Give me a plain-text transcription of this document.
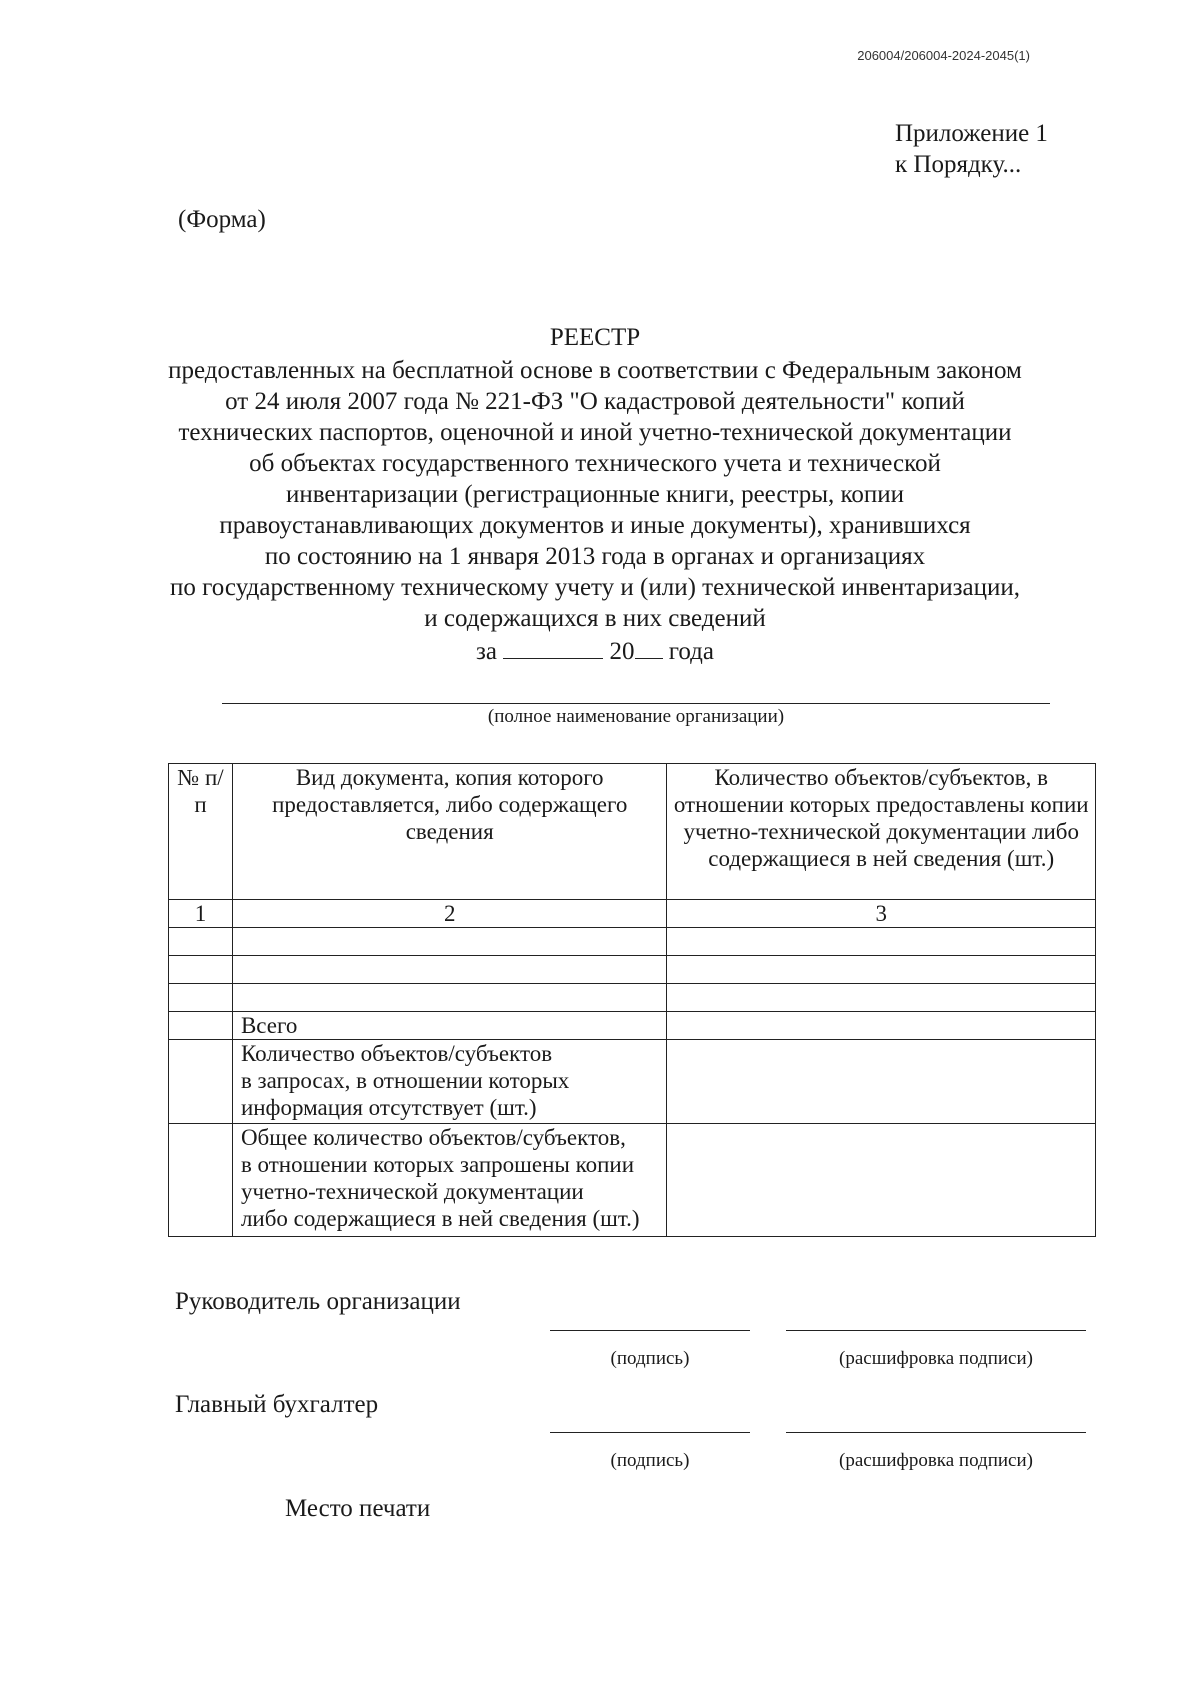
206004/206004-2024-2045(1)
Приложение 1
к Порядку...
(Форма)
РЕЕСТР
предоставленных на бесплатной основе в соответствии с Федеральным законом
от 24 июля 2007 года № 221-ФЗ "О кадастровой деятельности" копий
технических паспортов, оценочной и иной учетно-технической документации
об объектах государственного технического учета и технической
инвентаризации (регистрационные книги, реестры, копии
правоустанавливающих документов и иные документы), хранившихся
по состоянию на 1 января 2013 года в органах и организациях
по государственному техническому учету и (или) технической инвентаризации,
и содержащихся в них сведений
за	20 года
(полное наименование организации)
№ п/п	Вид документа, копия которого предоставляется, либо содержащего сведения	Количество объектов/субъектов, в отношении которых предоставлены копии учетно-технической документации либо содержащиеся в ней сведения (шт.)
1	2	3

	Всего	

	Количество объектов/субъектов
в запросах, в отношении которых
информация отсутствует (шт.)	

	Общее количество объектов/субъектов,
в отношении которых запрошены копии
учетно-технической документации
либо содержащиеся в ней сведения (шт.)	

Руководитель организации
(подпись)	(расшифровка подписи)
Главный бухгалтер
(подпись)	(расшифровка подписи)
Место печати
